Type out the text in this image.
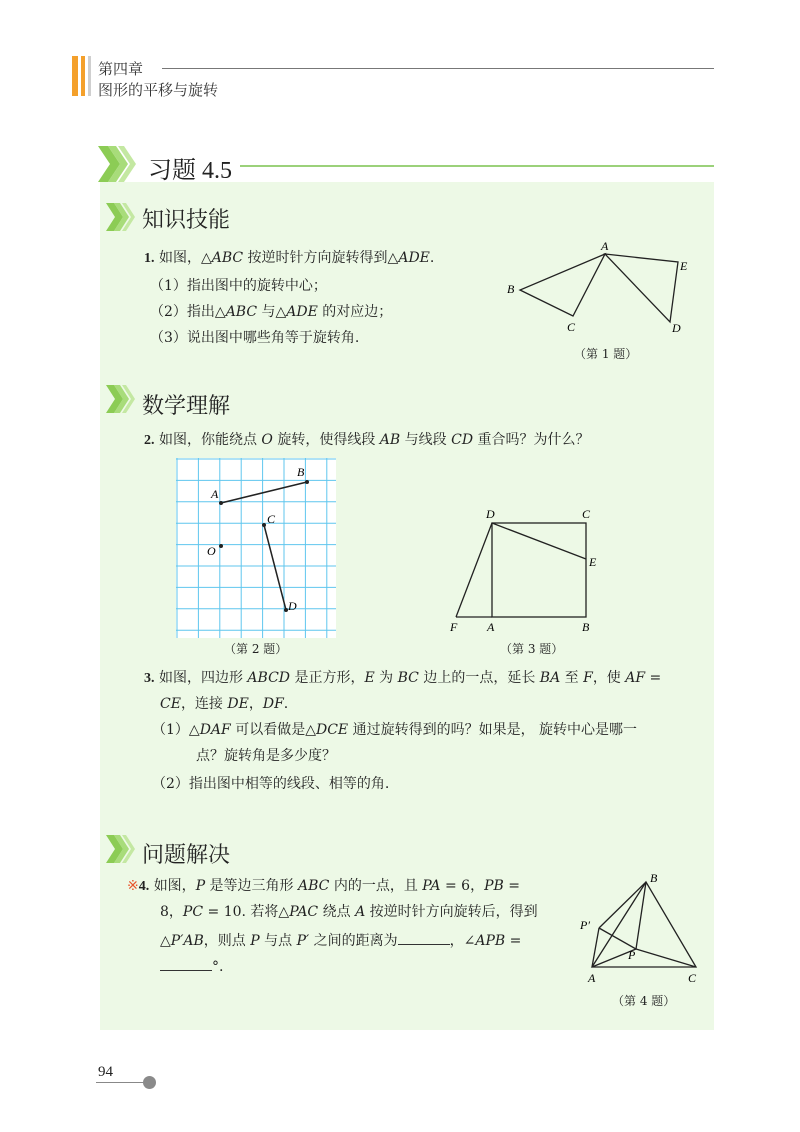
第四章
图形的平移与旋转
习题 4.5
知识技能
1. 如图，△ABC 按逆时针方向旋转得到△ADE.
（1）指出图中的旋转中心；
（2）指出△ABC 与△ADE 的对应边；
（3）说出图中哪些角等于旋转角.
A
B
C	D
E
（第 1 题）
数学理解
2. 如图，你能绕点 O 旋转，使得线段 AB 与线段 CD 重合吗？为什么？
A
B
C
D
O
（第 2 题）
D	C
E
F A	B
（第 3 题）
3. 如图，四边形 ABCD 是正方形，E 为 BC 边上的一点，延长 BA 至 F，使 AF =
CE，连接 DE，DF.
（1）△DAF 可以看做是△DCE 通过旋转得到的吗？如果是， 旋转中心是哪一
点？旋转角是多少度？
（2）指出图中相等的线段、相等的角.
问题解决
※4. 如图，P 是等边三角形 ABC 内的一点，且 PA = 6，PB =
8，PC = 10. 若将△PAC 绕点 A 按逆时针方向旋转后，得到
△P′AB，则点 P 与点 P′ 之间的距离为	，∠APB =
°.
B
P′
P
A	C
（第 4 题）
94
